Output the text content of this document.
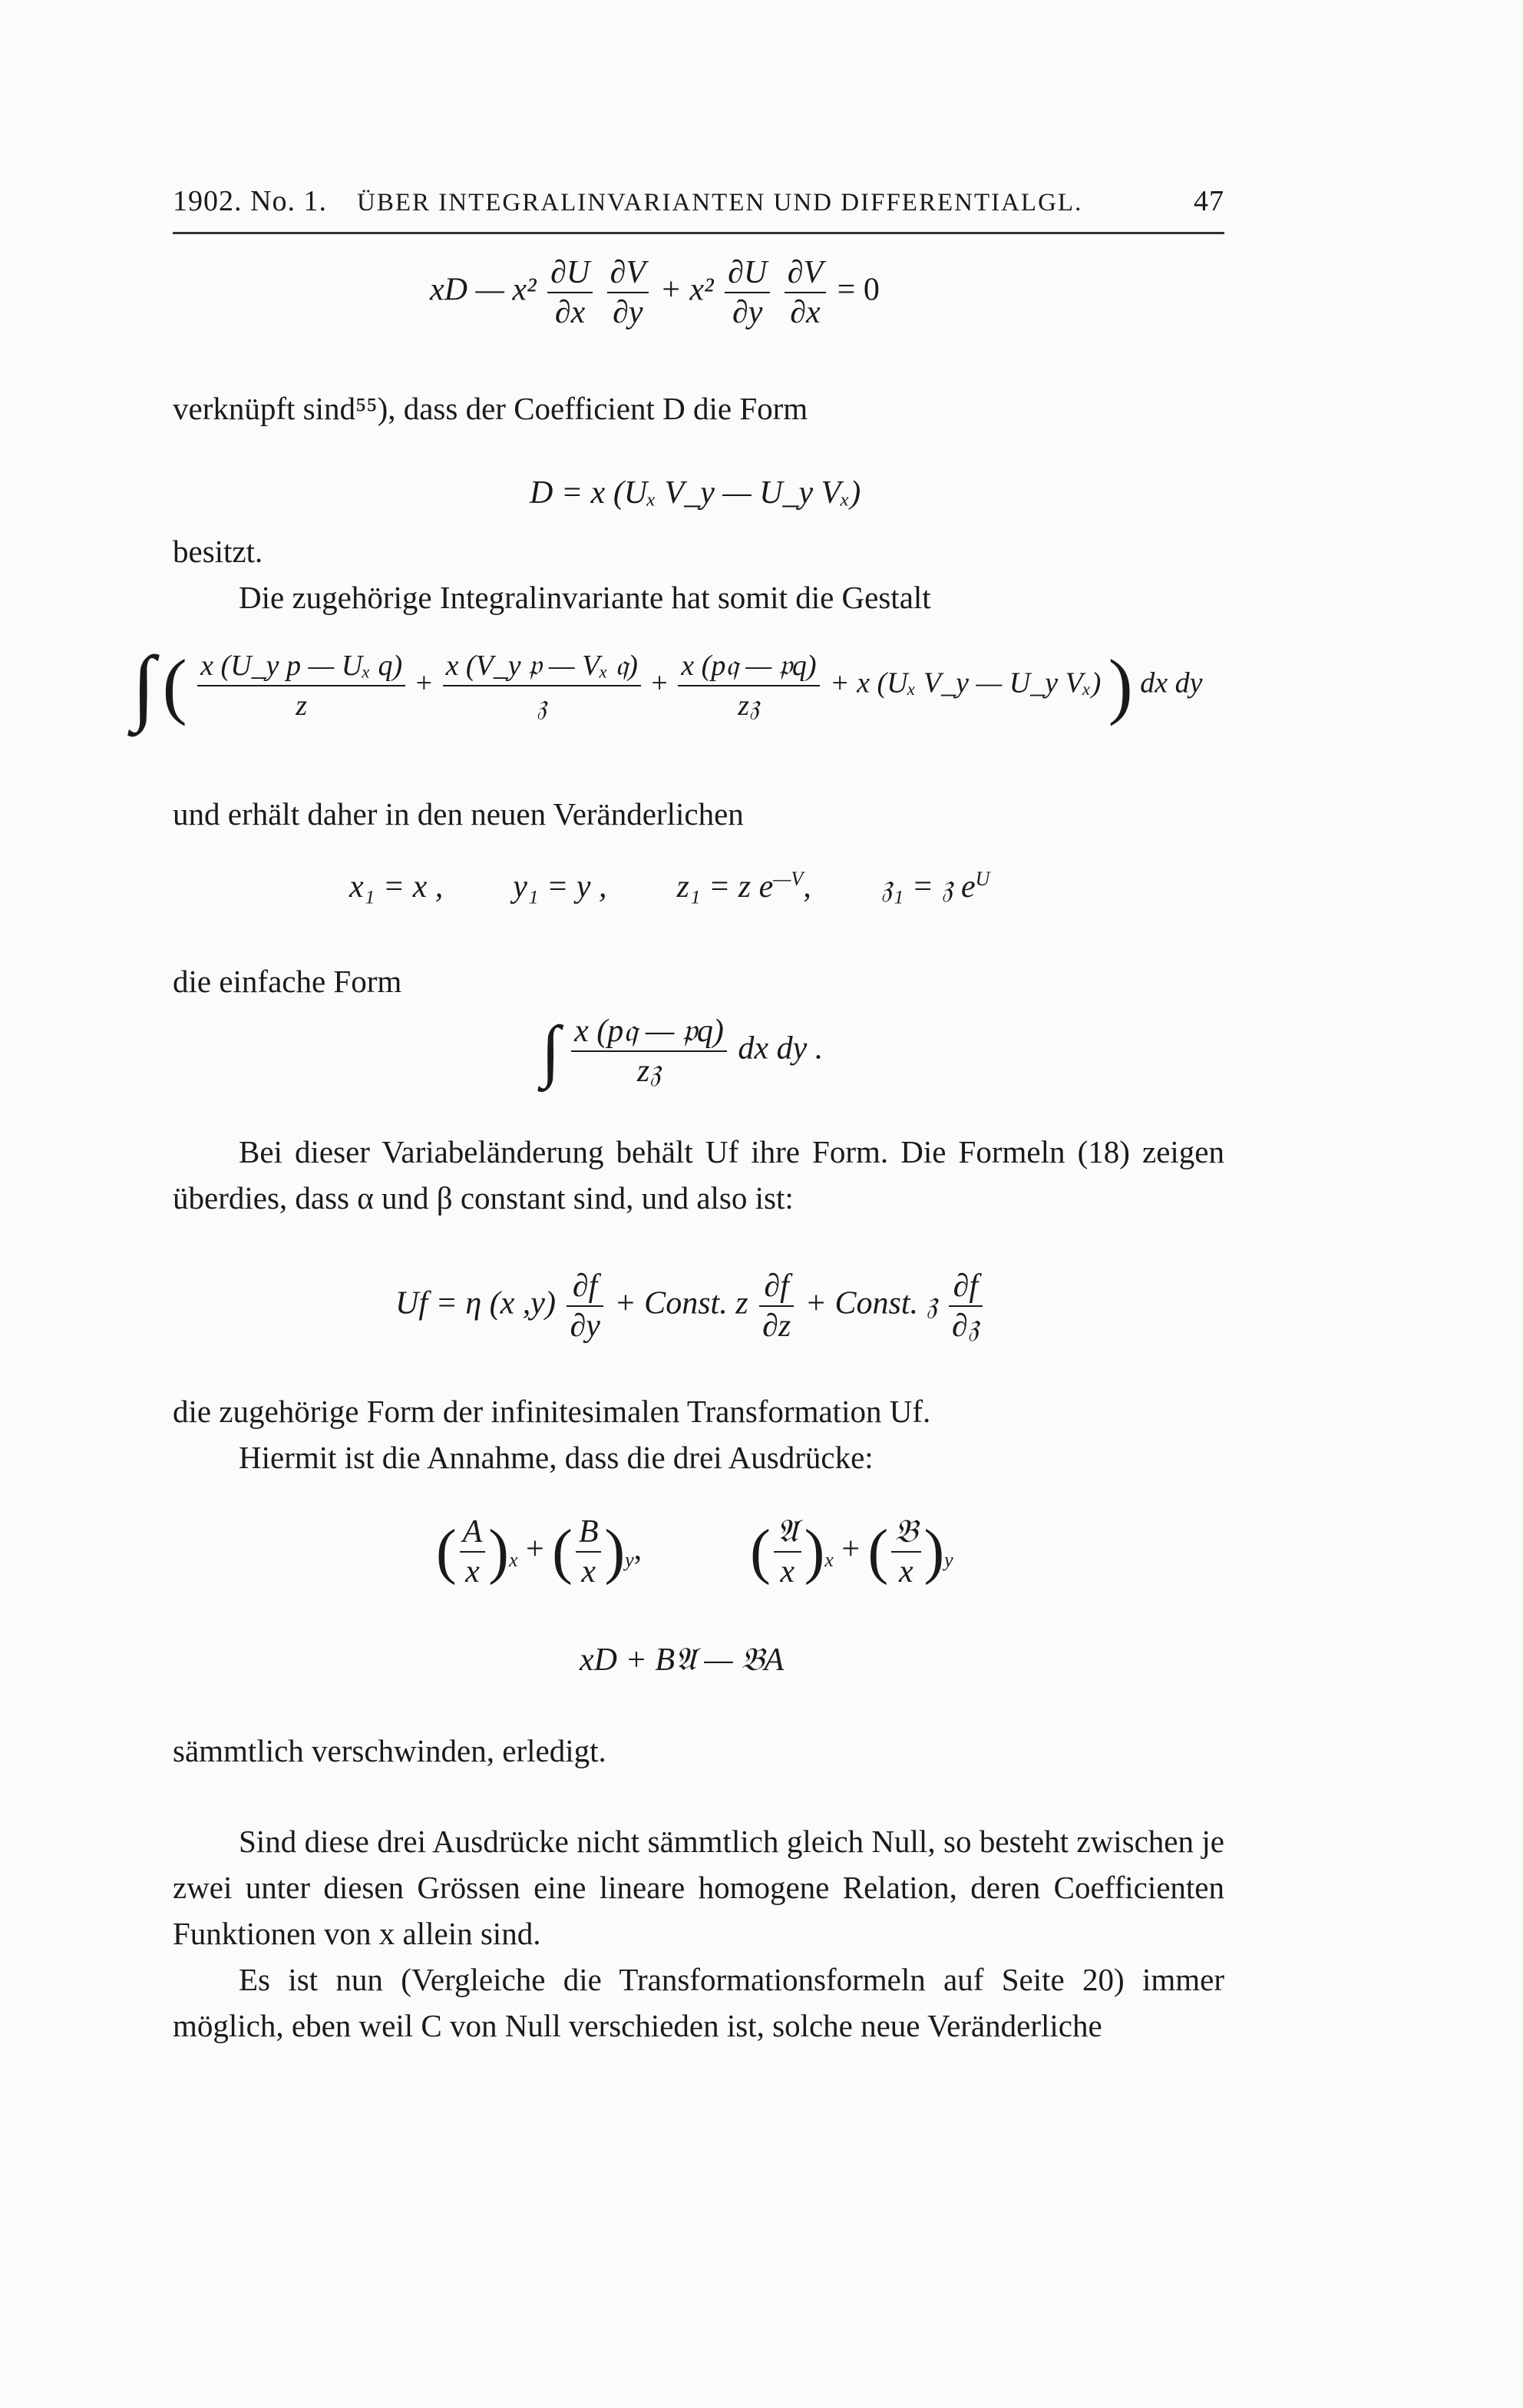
1902. No. 1. ÜBER INTEGRALINVARIANTEN UND DIFFERENTIALGL.	47
xD — $x^2 \frac{\partial U}{\partial x}$
$\frac{\partial V}{\partial y} + x^2 \frac{\partial U}{\partial y}$
$\frac{\partial V}{\partial x} = 0$
verknüpft sind⁵⁵), dass der Coefficient D die Form
D = x (Uₓ V_y — U_y Vₓ)
besitzt.
Die zugehörige Integralinvariante hat somit die Gestalt
∫ ( $\frac{\text{x (U\_y p — Uₓ q)}}{z} + \frac{\text{x (V\_y 𝔭 — Vₓ 𝔮)}}{\text{𝔷}} + \frac{\text{x (p𝔮 — 𝔭q)}}{\text{z𝔷}} + x$ (Uₓ V_y — U_y Vₓ) ) dx dy
und erhält daher in den neuen Veränderlichen
x₁ = x , y₁ = y , z₁ = z $e^{—V}$, 𝔷₁ = 𝔷 $e^U$
die einfache Form
∫ $\frac{\text{x (p𝔮 — 𝔭q)}}{\text{z𝔷}}$ dx dy .
Bei dieser Variabeländerung behält Uf ihre Form. Die Formeln (18) zeigen überdies, dass α und β constant sind, und also ist:
Uf = η (x $,y) \frac{\partial f}{\partial y}$ + Const. z $\frac{\partial f}{\partial z}$ + Const. 𝔷 $\frac{\partial f}{\text{∂𝔷}}$
die zugehörige Form der infinitesimalen Transformation Uf.
Hiermit ist die Annahme, dass die drei Ausdrücke:
( $\frac{A}{x} )_x$ + ( $\frac{B}{x} )_y$, ( $\frac{\text{𝔄}}{x} )_x$ + ( $\frac{\text{𝔅}}{x} )_y$
xD + B𝔄 — 𝔅A
sämmtlich verschwinden, erledigt.
Sind diese drei Ausdrücke nicht sämmtlich gleich Null, so besteht zwischen je zwei unter diesen Grössen eine lineare homogene Relation, deren Coefficienten Funktionen von x allein sind.
Es ist nun (Vergleiche die Transformationsformeln auf Seite 20) immer möglich, eben weil C von Null verschieden ist, solche neue Veränderliche
